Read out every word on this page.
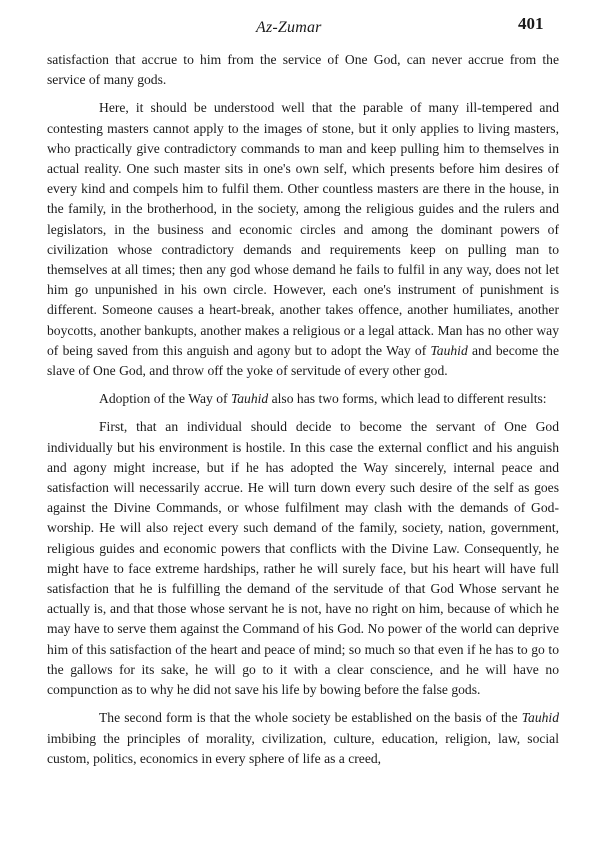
Az-Zumar	401

satisfaction that accrue to him from the service of One God, can never accrue from the service of many gods.

Here, it should be understood well that the parable of many ill-tempered and contesting masters cannot apply to the images of stone, but it only applies to living masters, who practically give contradictory commands to man and keep pulling him to themselves in actual reality. One such master sits in one's own self, which presents before him desires of every kind and compels him to fulfil them. Other countless masters are there in the house, in the family, in the brotherhood, in the society, among the religious guides and the rulers and legislators, in the business and economic circles and among the dominant powers of civilization whose contradictory demands and requirements keep on pulling man to themselves at all times; then any god whose demand he fails to fulfil in any way, does not let him go unpunished in his own circle. However, each one's instrument of punishment is different. Someone causes a heart-break, another takes offence, another humiliates, another boycotts, another bankupts, another makes a religious or a legal attack. Man has no other way of being saved from this anguish and agony but to adopt the Way of Tauhid and become the slave of One God, and throw off the yoke of servitude of every other god.

Adoption of the Way of Tauhid also has two forms, which lead to different results:

First, that an individual should decide to become the servant of One God individually but his environment is hostile. In this case the external conflict and his anguish and agony might increase, but if he has adopted the Way sincerely, internal peace and satisfaction will necessarily accrue. He will turn down every such desire of the self as goes against the Divine Commands, or whose fulfilment may clash with the demands of God-worship. He will also reject every such demand of the family, society, nation, government, religious guides and economic powers that conflicts with the Divine Law. Consequently, he might have to face extreme hardships, rather he will surely face, but his heart will have full satisfaction that he is fulfilling the demand of the servitude of that God Whose servant he actually is, and that those whose servant he is not, have no right on him, because of which he may have to serve them against the Command of his God. No power of the world can deprive him of this satisfaction of the heart and peace of mind; so much so that even if he has to go to the gallows for its sake, he will go to it with a clear conscience, and he will have no compunction as to why he did not save his life by bowing before the false gods.

The second form is that the whole society be established on the basis of the Tauhid imbibing the principles of morality, civilization, culture, education, religion, law, social custom, politics, economics in every sphere of life as a creed,
